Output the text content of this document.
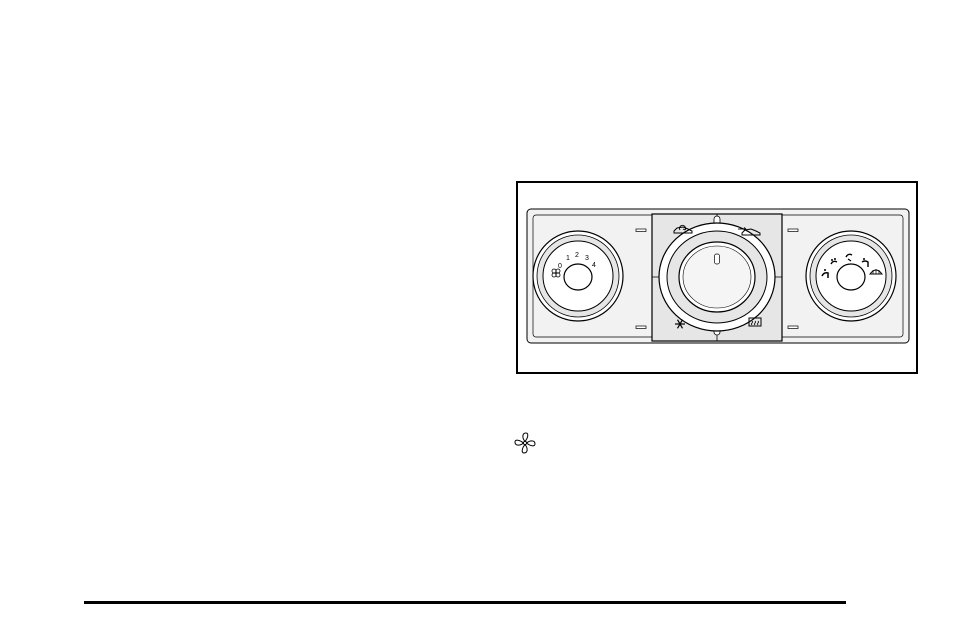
0
1 2 3
4
